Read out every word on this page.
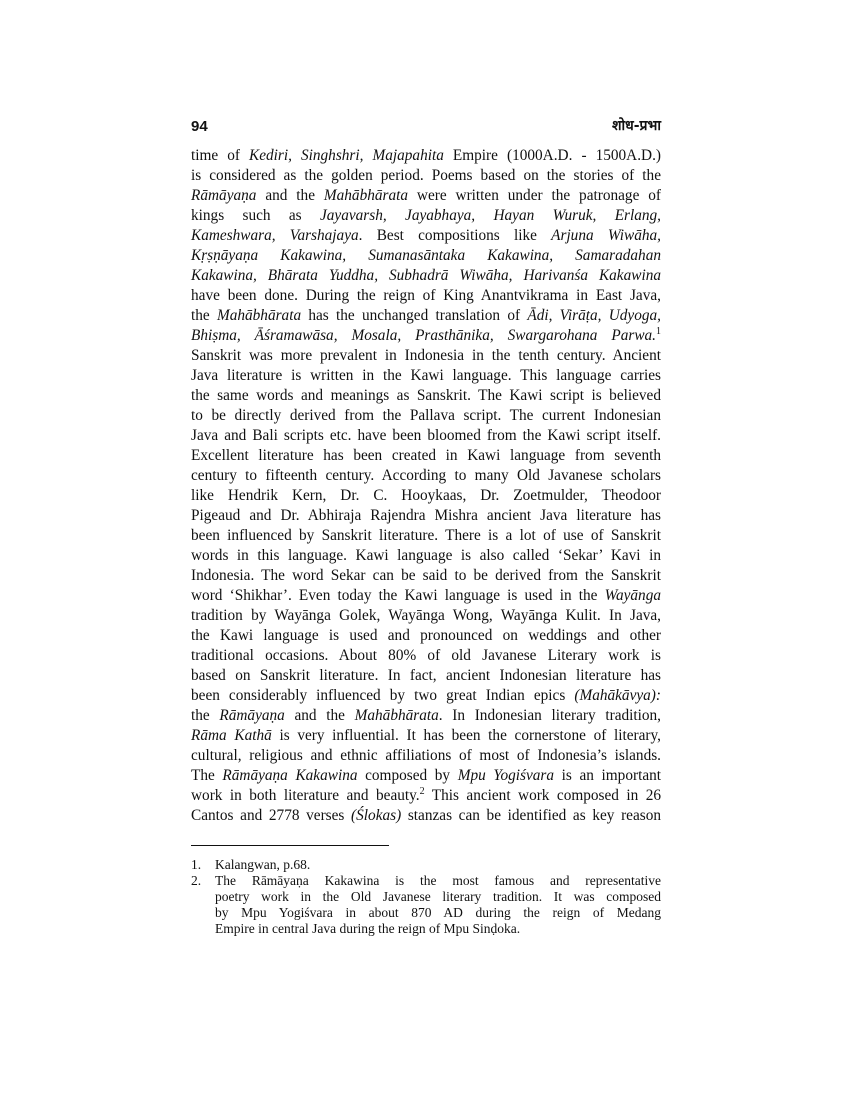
94	शोध-प्रभा
time of Kediri, Singhshri, Majapahita Empire (1000A.D. - 1500A.D.)
is considered as the golden period. Poems based on the stories of the
Rāmāyaṇa and the Mahābhārata were written under the patronage of
kings such as Jayavarsh, Jayabhaya, Hayan Wuruk, Erlang,
Kameshwara, Varshajaya. Best compositions like Arjuna Wiwāha,
Kṛṣṇāyaṇa Kakawina, Sumanasāntaka Kakawina, Samaradahan
Kakawina, Bhārata Yuddha, Subhadrā Wiwāha, Harivanśa Kakawina
have been done. During the reign of King Anantvikrama in East Java,
the Mahābhārata has the unchanged translation of Ādi, Virāṭa, Udyoga,
Bhiṣma, Āśramawāsa, Mosala, Prasthānika, Swargarohana Parwa.$^1$
Sanskrit was more prevalent in Indonesia in the tenth century. Ancient
Java literature is written in the Kawi language. This language carries
the same words and meanings as Sanskrit. The Kawi script is believed
to be directly derived from the Pallava script. The current Indonesian
Java and Bali scripts etc. have been bloomed from the Kawi script itself.
Excellent literature has been created in Kawi language from seventh
century to fifteenth century. According to many Old Javanese scholars
like Hendrik Kern, Dr. C. Hooykaas, Dr. Zoetmulder, Theodoor
Pigeaud and Dr. Abhiraja Rajendra Mishra ancient Java literature has
been influenced by Sanskrit literature. There is a lot of use of Sanskrit
words in this language. Kawi language is also called ‘Sekar’ Kavi in
Indonesia. The word Sekar can be said to be derived from the Sanskrit
word ‘Shikhar’. Even today the Kawi language is used in the Wayānga
tradition by Wayānga Golek, Wayānga Wong, Wayānga Kulit. In Java,
the Kawi language is used and pronounced on weddings and other
traditional occasions. About 80% of old Javanese Literary work is
based on Sanskrit literature. In fact, ancient Indonesian literature has
been considerably influenced by two great Indian epics (Mahākāvya):
the Rāmāyaṇa and the Mahābhārata. In Indonesian literary tradition,
Rāma Kathā is very influential. It has been the cornerstone of literary,
cultural, religious and ethnic affiliations of most of Indonesia’s islands.
The Rāmāyaṇa Kakawina composed by Mpu Yogiśvara is an important
work in both literature and beauty.$^2$ This ancient work composed in 26
Cantos and 2778 verses (Ślokas) stanzas can be identified as key reason
1. Kalangwan, p.68.
2. The Rāmāyaṇa Kakawina is the most famous and representative
poetry work in the Old Javanese literary tradition. It was composed
by Mpu Yogiśvara in about 870 AD during the reign of Medang
Empire in central Java during the reign of Mpu Sinḍoka.
